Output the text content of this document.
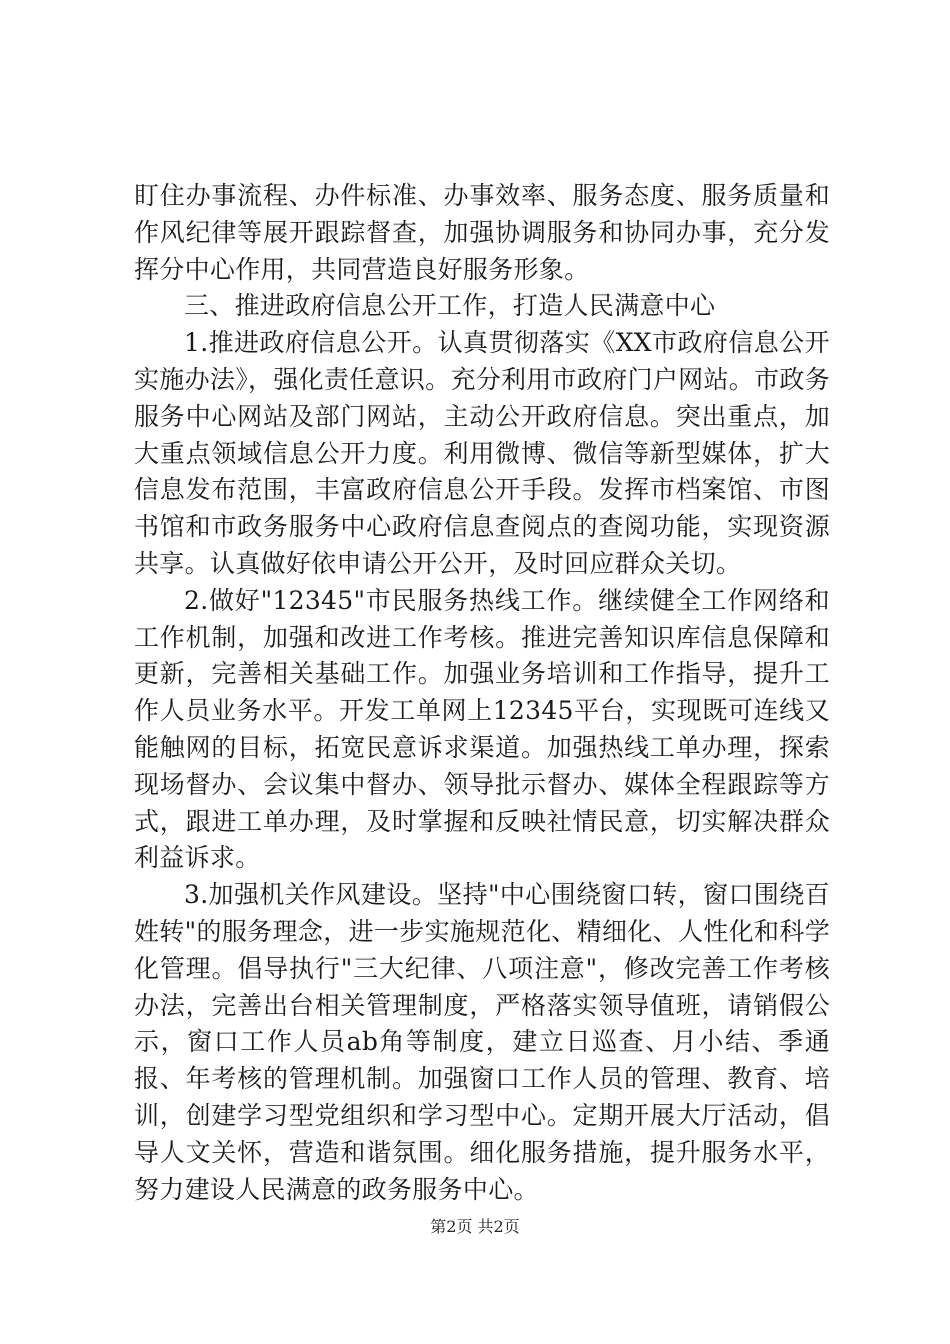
盯住办事流程、办件标准、办事效率、服务态度、服务质量和作风纪律等展开跟踪督查，加强协调服务和协同办事，充分发挥分中心作用，共同营造良好服务形象。

三、推进政府信息公开工作，打造人民满意中心

1.推进政府信息公开。认真贯彻落实《XX市政府信息公开实施办法》，强化责任意识。充分利用市政府门户网站。市政务服务中心网站及部门网站，主动公开政府信息。突出重点，加大重点领域信息公开力度。利用微博、微信等新型媒体，扩大信息发布范围，丰富政府信息公开手段。发挥市档案馆、市图书馆和市政务服务中心政府信息查阅点的查阅功能，实现资源共享。认真做好依申请公开公开，及时回应群众关切。

2.做好"12345"市民服务热线工作。继续健全工作网络和工作机制，加强和改进工作考核。推进完善知识库信息保障和更新，完善相关基础工作。加强业务培训和工作指导，提升工作人员业务水平。开发工单网上12345平台，实现既可连线又能触网的目标，拓宽民意诉求渠道。加强热线工单办理，探索现场督办、会议集中督办、领导批示督办、媒体全程跟踪等方式，跟进工单办理，及时掌握和反映社情民意，切实解决群众利益诉求。

3.加强机关作风建设。坚持"中心围绕窗口转，窗口围绕百姓转"的服务理念，进一步实施规范化、精细化、人性化和科学化管理。倡导执行"三大纪律、八项注意"，修改完善工作考核办法，完善出台相关管理制度，严格落实领导值班，请销假公示，窗口工作人员ab角等制度，建立日巡查、月小结、季通报、年考核的管理机制。加强窗口工作人员的管理、教育、培训，创建学习型党组织和学习型中心。定期开展大厅活动，倡导人文关怀，营造和谐氛围。细化服务措施，提升服务水平，努力建设人民满意的政务服务中心。

第2页 共2页
